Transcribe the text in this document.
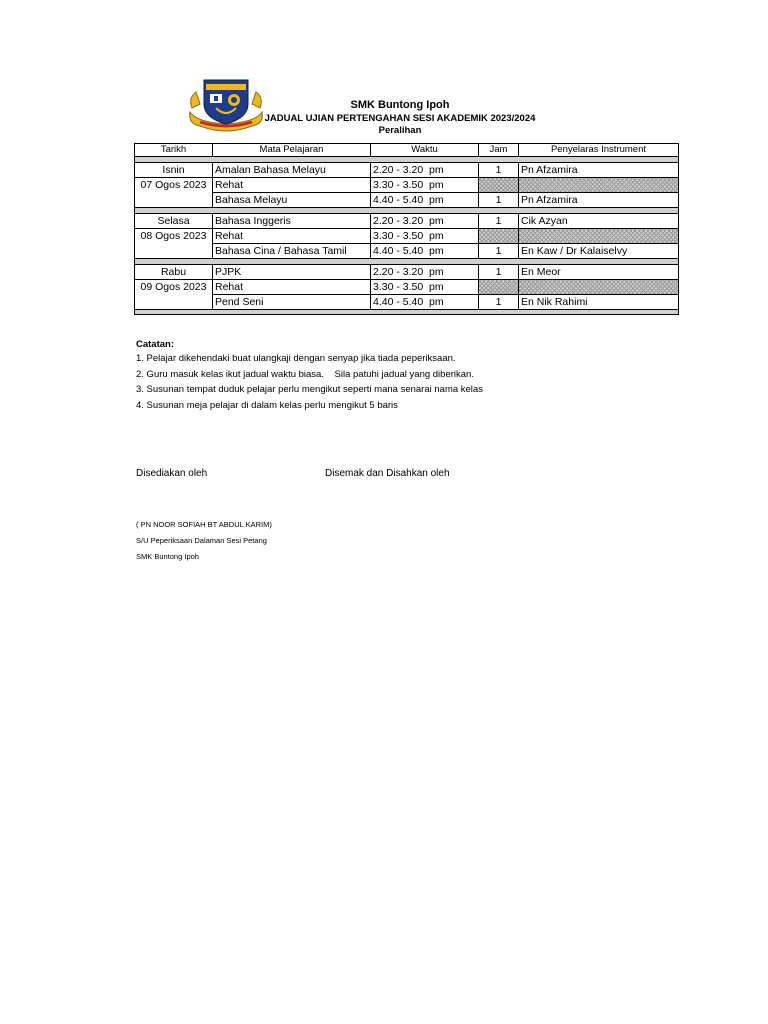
SMK Buntong Ipoh
JADUAL UJIAN PERTENGAHAN SESI AKADEMIK 2023/2024
Peralihan
Tarikh	Mata Pelajaran	Waktu	Jam	Penyelaras Instrument

Isnin	Amalan Bahasa Melayu	2.20 - 3.20 pm	1	Pn Afzamira
07 Ogos 2023	Rehat	3.30 - 3.50 pm		

	Bahasa Melayu	4.40 - 5.40 pm	1	Pn Afzamira

Selasa	Bahasa Inggeris	2.20 - 3.20 pm	1	Cik Azyan
08 Ogos 2023	Rehat	3.30 - 3.50 pm		

	Bahasa Cina / Bahasa Tamil	4.40 - 5.40 pm	1	En Kaw / Dr Kalaiselvy

Rabu	PJPK	2.20 - 3.20 pm	1	En Meor
09 Ogos 2023	Rehat	3.30 - 3.50 pm		

	Pend Seni	4.40 - 5.40 pm	1	En Nik Rahimi

Catatan:
1. Pelajar dikehendaki buat ulangkaji dengan senyap jika tiada peperiksaan.
2. Guru masuk kelas ikut jadual waktu biasa.    Sila patuhi jadual yang diberikan.
3. Susunan tempat duduk pelajar perlu mengikut seperti mana senarai nama kelas
4. Susunan meja pelajar di dalam kelas perlu mengikut 5 baris
Disediakan oleh	Disemak dan Disahkan oleh
( PN NOOR SOFIAH BT ABDUL KARIM)
S/U Peperiksaan Dalaman Sesi Petang
SMK Buntong Ipoh
